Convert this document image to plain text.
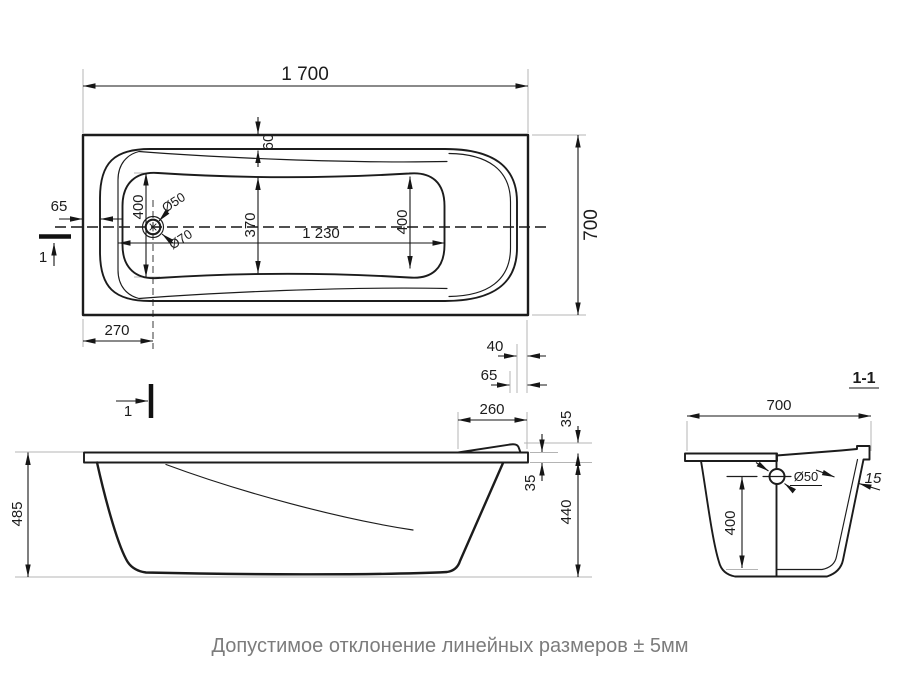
1
1 700
700
60
65	400
370	400
1 230
270
40
65
Ø50
Ø70
1
485
260
35
35
440
1-1
700
Ø50
400
15
Допустимое отклонение линейных размеров ± 5мм
